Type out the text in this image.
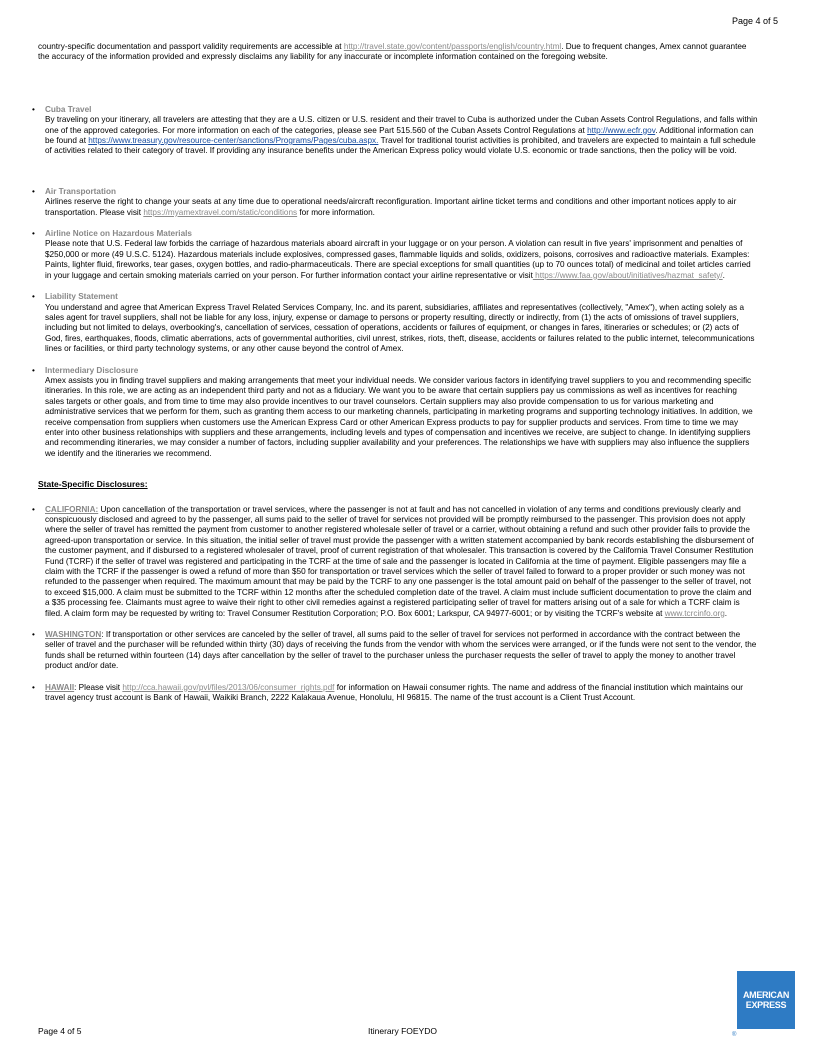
Page 4 of 5

country-specific documentation and passport validity requirements are accessible at http://travel.state.gov/content/passports/english/country.html. Due to frequent changes, Amex cannot guarantee the accuracy of the information provided and expressly disclaims any liability for any inaccurate or incomplete information contained on the foregoing website.

• Cuba Travel

By traveling on your itinerary, all travelers are attesting that they are a U.S. citizen or U.S. resident and their travel to Cuba is authorized under the Cuban Assets Control Regulations, and falls within one of the approved categories. For more information on each of the categories, please see Part 515.560 of the Cuban Assets Control Regulations at http://www.ecfr.gov. Additional information can be found at https://www.treasury.gov/resource-center/sanctions/Programs/Pages/cuba.aspx. Travel for traditional tourist activities is prohibited, and travelers are expected to maintain a full schedule of activities related to their category of travel. If providing any insurance benefits under the American Express policy would violate U.S. economic or trade sanctions, then the policy will be void.

• Air Transportation

Airlines reserve the right to change your seats at any time due to operational needs/aircraft reconfiguration. Important airline ticket terms and conditions and other important notices apply to air transportation. Please visit https://myamextravel.com/static/conditions for more information.

• Airline Notice on Hazardous Materials

Please note that U.S. Federal law forbids the carriage of hazardous materials aboard aircraft in your luggage or on your person. A violation can result in five years' imprisonment and penalties of $250,000 or more (49 U.S.C. 5124). Hazardous materials include explosives, compressed gases, flammable liquids and solids, oxidizers, poisons, corrosives and radioactive materials. Examples: Paints, lighter fluid, fireworks, tear gases, oxygen bottles, and radio-pharmaceuticals. There are special exceptions for small quantities (up to 70 ounces total) of medicinal and toilet articles carried in your luggage and certain smoking materials carried on your person. For further information contact your airline representative or visit https://www.faa.gov/about/initiatives/hazmat_safety/.

• Liability Statement

You understand and agree that American Express Travel Related Services Company, Inc. and its parent, subsidiaries, affiliates and representatives (collectively, "Amex"), when acting solely as a sales agent for travel suppliers, shall not be liable for any loss, injury, expense or damage to persons or property resulting, directly or indirectly, from (1) the acts of omissions of travel suppliers, including but not limited to delays, overbooking's, cancellation of services, cessation of operations, accidents or failures of equipment, or changes in fares, itineraries or schedules; or (2) acts of God, fires, earthquakes, floods, climatic aberrations, acts of governmental authorities, civil unrest, strikes, riots, theft, disease, accidents or failures related to the public internet, telecommunications lines or facilities, or third party technology systems, or any other cause beyond the control of Amex.

• Intermediary Disclosure

Amex assists you in finding travel suppliers and making arrangements that meet your individual needs. We consider various factors in identifying travel suppliers to you and recommending specific itineraries. In this role, we are acting as an independent third party and not as a fiduciary. We want you to be aware that certain suppliers pay us commissions as well as incentives for reaching sales targets or other goals, and from time to time may also provide incentives to our travel counselors. Certain suppliers may also provide compensation to us for various marketing and administrative services that we perform for them, such as granting them access to our marketing channels, participating in marketing programs and supporting technology initiatives. In addition, we receive compensation from suppliers when customers use the American Express Card or other American Express products to pay for supplier products and services. From time to time we may enter into other business relationships with suppliers and these arrangements, including levels and types of compensation and incentives we receive, are subject to change. In identifying suppliers and recommending itineraries, we may consider a number of factors, including supplier availability and your preferences. The relationships we have with suppliers may also influence the suppliers we identify and the itineraries we recommend.

State-Specific Disclosures:

• CALIFORNIA: Upon cancellation of the transportation or travel services, where the passenger is not at fault and has not cancelled in violation of any terms and conditions previously clearly and conspicuously disclosed and agreed to by the passenger, all sums paid to the seller of travel for services not provided will be promptly reimbursed to the passenger. This provision does not apply where the seller of travel has remitted the payment from customer to another registered wholesale seller of travel or a carrier, without obtaining a refund and such other provider fails to provide the agreed-upon transportation or service. In this situation, the initial seller of travel must provide the passenger with a written statement accompanied by bank records establishing the disbursement of the customer payment, and if disbursed to a registered wholesaler of travel, proof of current registration of that wholesaler. This transaction is covered by the California Travel Consumer Restitution Fund (TCRF) if the seller of travel was registered and participating in the TCRF at the time of sale and the passenger is located in California at the time of payment. Eligible passengers may file a claim with the TCRF if the passenger is owed a refund of more than $50 for transportation or travel services which the seller of travel failed to forward to a proper provider or such money was not refunded to the passenger when required. The maximum amount that may be paid by the TCRF to any one passenger is the total amount paid on behalf of the passenger to the seller of travel, not to exceed $15,000. A claim must be submitted to the TCRF within 12 months after the scheduled completion date of the travel. A claim must include sufficient documentation to prove the claim and a $35 processing fee. Claimants must agree to waive their right to other civil remedies against a registered participating seller of travel for matters arising out of a sale for which a TCRF claim is filed. A claim form may be requested by writing to: Travel Consumer Restitution Corporation; P.O. Box 6001; Larkspur, CA 94977-6001; or by visiting the TCRF's website at www.tcrcinfo.org.

• WASHINGTON: If transportation or other services are canceled by the seller of travel, all sums paid to the seller of travel for services not performed in accordance with the contract between the seller of travel and the purchaser will be refunded within thirty (30) days of receiving the funds from the vendor with whom the services were arranged, or if the funds were not sent to the vendor, the funds shall be returned within fourteen (14) days after cancellation by the seller of travel to the purchaser unless the purchaser requests the seller of travel to apply the money to another travel product and/or date.

• HAWAII: Please visit http://cca.hawaii.gov/pvl/files/2013/06/consumer_rights.pdf for information on Hawaii consumer rights. The name and address of the financial institution which maintains our travel agency trust account is Bank of Hawaii, Waikiki Branch, 2222 Kalakaua Avenue, Honolulu, HI 96815. The name of the trust account is a Client Trust Account.

Page 4 of 5	Itinerary FOEYDO
AMERICAN
EXPRESS
®
